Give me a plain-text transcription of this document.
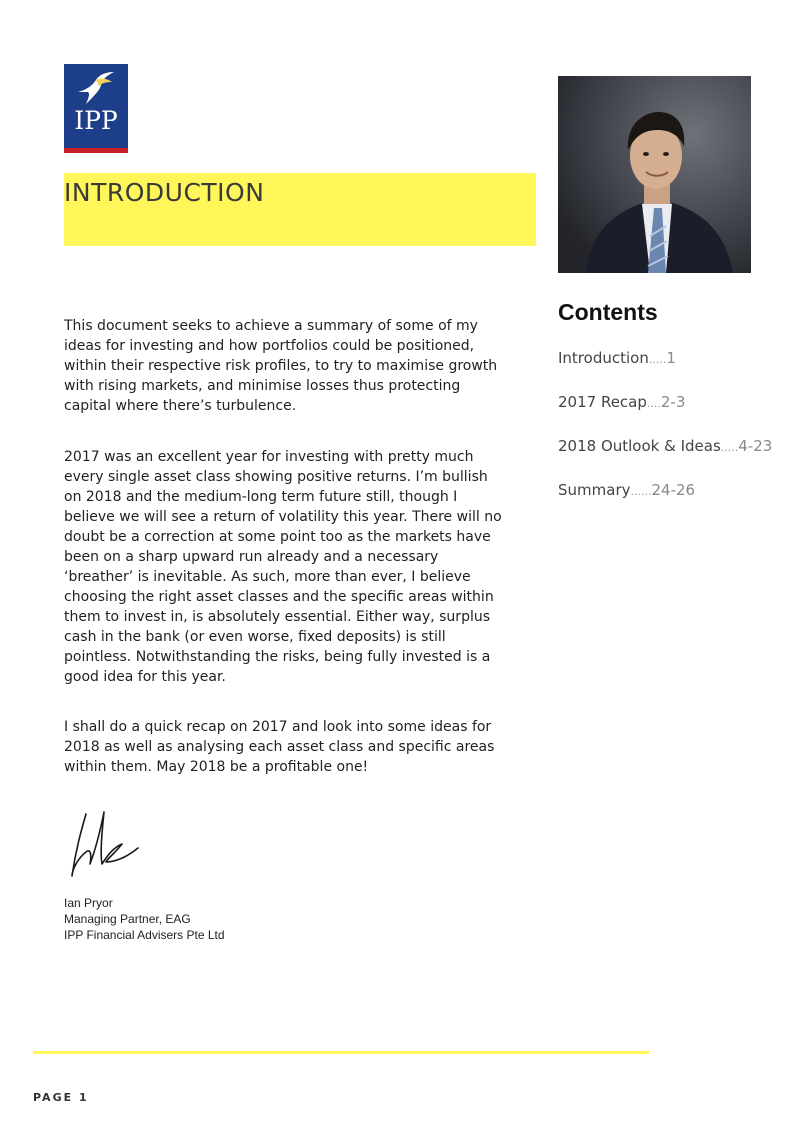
IPP
INTRODUCTION

This document seeks to achieve a summary of some of my ideas for investing and how portfolios could be positioned, within their respective risk profiles, to try to maximise growth with rising markets, and minimise losses thus protecting capital where there’s turbulence.

2017 was an excellent year for investing with pretty much every single asset class showing positive returns. I’m bullish on 2018 and the medium-long term future still, though I believe we will see a return of volatility this year. There will no doubt be a correction at some point too as the markets have been on a sharp upward run already and a necessary ‘breather’ is inevitable. As such, more than ever, I believe choosing the right asset classes and the specific areas within them to invest in, is absolutely essential. Either way, surplus cash in the bank (or even worse, fixed deposits) is still pointless. Notwithstanding the risks, being fully invested is a good idea for this year.

I shall do a quick recap on 2017 and look into some ideas for 2018 as well as analysing each asset class and specific areas within them. May 2018 be a profitable one!

Contents
Introduction.....1
2017 Recap....2-3
2018 Outlook & Ideas.....4-23
Summary......24-26
Ian Pryor
Managing Partner, EAG
IPP Financial Advisers Pte Ltd
PAGE 1
